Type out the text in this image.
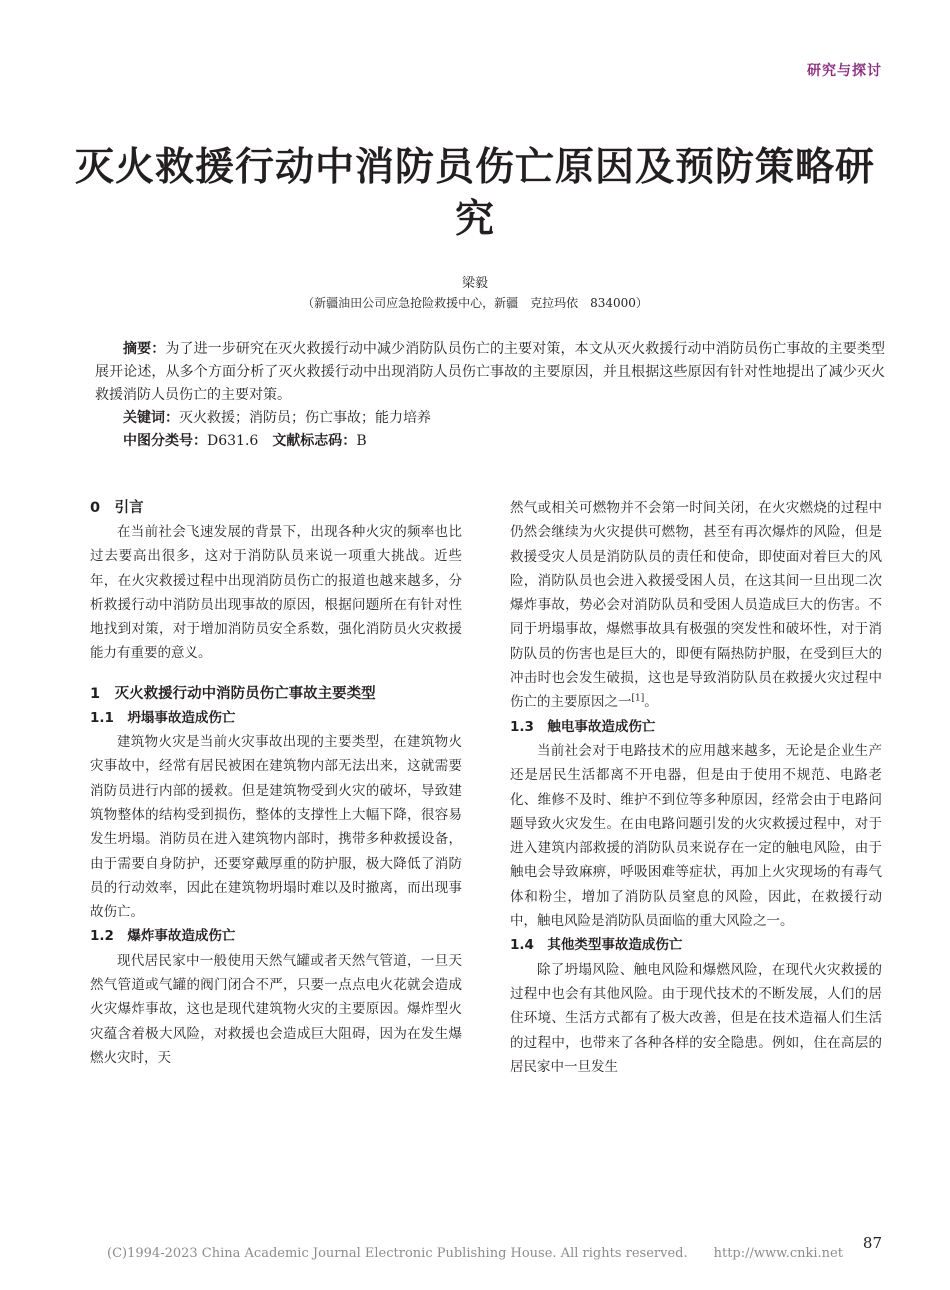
研究与探讨
灭火救援行动中消防员伤亡原因及预防策略研究
梁毅
（新疆油田公司应急抢险救援中心，新疆　克拉玛依　834000）

摘要：为了进一步研究在灭火救援行动中减少消防队员伤亡的主要对策，本文从灭火救援行动中消防员伤亡事故的主要类型展开论述，从多个方面分析了灭火救援行动中出现消防人员伤亡事故的主要原因，并且根据这些原因有针对性地提出了减少灭火救援消防人员伤亡的主要对策。

关键词：灭火救援；消防员；伤亡事故；能力培养

中图分类号：D631.6　 文献标志码：B

0　引言

在当前社会飞速发展的背景下，出现各种火灾的频率也比过去要高出很多，这对于消防队员来说一项重大挑战。近些年，在火灾救援过程中出现消防员伤亡的报道也越来越多，分析救援行动中消防员出现事故的原因，根据问题所在有针对性地找到对策，对于增加消防员安全系数，强化消防员火灾救援能力有重要的意义。

1　灭火救援行动中消防员伤亡事故主要类型

1.1　坍塌事故造成伤亡

建筑物火灾是当前火灾事故出现的主要类型，在建筑物火灾事故中，经常有居民被困在建筑物内部无法出来，这就需要消防员进行内部的援救。但是建筑物受到火灾的破坏，导致建筑物整体的结构受到损伤，整体的支撑性上大幅下降，很容易发生坍塌。消防员在进入建筑物内部时，携带多种救援设备，由于需要自身防护，还要穿戴厚重的防护服，极大降低了消防员的行动效率，因此在建筑物坍塌时难以及时撤离，而出现事故伤亡。

1.2　爆炸事故造成伤亡

现代居民家中一般使用天然气罐或者天然气管道，一旦天然气管道或气罐的阀门闭合不严，只要一点点电火花就会造成火灾爆炸事故，这也是现代建筑物火灾的主要原因。爆炸型火灾蕴含着极大风险，对救援也会造成巨大阻碍，因为在发生爆燃火灾时，天

然气或相关可燃物并不会第一时间关闭，在火灾燃烧的过程中仍然会继续为火灾提供可燃物，甚至有再次爆炸的风险，但是救援受灾人员是消防队员的责任和使命，即使面对着巨大的风险，消防队员也会进入救援受困人员，在这其间一旦出现二次爆炸事故，势必会对消防队员和受困人员造成巨大的伤害。不同于坍塌事故，爆燃事故具有极强的突发性和破坏性，对于消防队员的伤害也是巨大的，即便有隔热防护服，在受到巨大的冲击时也会发生破损，这也是导致消防队员在救援火灾过程中伤亡的主要原因之一[1]。

1.3　触电事故造成伤亡

当前社会对于电路技术的应用越来越多，无论是企业生产还是居民生活都离不开电器，但是由于使用不规范、电路老化、维修不及时、维护不到位等多种原因，经常会由于电路问题导致火灾发生。在由电路问题引发的火灾救援过程中，对于进入建筑内部救援的消防队员来说存在一定的触电风险，由于触电会导致麻痹，呼吸困难等症状，再加上火灾现场的有毒气体和粉尘，增加了消防队员窒息的风险，因此，在救援行动中，触电风险是消防队员面临的重大风险之一。

1.4　其他类型事故造成伤亡

除了坍塌风险、触电风险和爆燃风险，在现代火灾救援的过程中也会有其他风险。由于现代技术的不断发展，人们的居住环境、生活方式都有了极大改善，但是在技术造福人们生活的过程中，也带来了各种各样的安全隐患。例如，住在高层的居民家中一旦发生

(C)1994-2023 China Academic Journal Electronic Publishing House. All rights reserved.　　http://www.cnki.net
87
